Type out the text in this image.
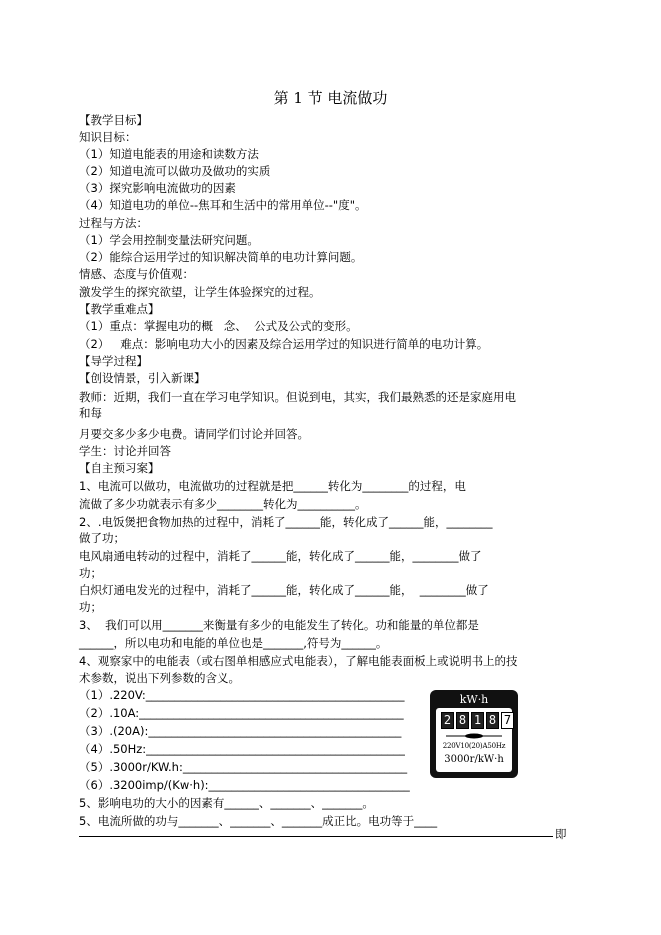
第 1 节 电流做功
【教学目标】
知识目标：
（1）知道电能表的用途和读数方法
（2）知道电流可以做功及做功的实质
（3）探究影响电流做功的因素
（4）知道电功的单位--焦耳和生活中的常用单位--"度"。
过程与方法：
（1）学会用控制变量法研究问题。
（2）能综合运用学过的知识解决简单的电功计算问题。
情感、态度与价值观：
激发学生的探究欲望，让学生体验探究的过程。
【教学重难点】
（1）重点：掌握电功的概   念、  公式及公式的变形。
（2）   难点：影响电功大小的因素及综合运用学过的知识进行简单的电功计算。
【导学过程】
【创设情景，引入新课】
教师：近期，我们一直在学习电学知识。但说到电，其实，我们最熟悉的还是家庭用电
和每
月要交多少多少电费。请同学们讨论并回答。
学生：讨论并回答
【自主预习案】
1、电流可以做功，电流做功的过程就是把______转化为________的过程，电
流做了多少功就表示有多少________转化为__________。
2、.电饭煲把食物加热的过程中，消耗了______能，转化成了______能，________
做了功；
电风扇通电转动的过程中，消耗了______能，转化成了______能，________做了
功；
白炽灯通电发光的过程中，消耗了______能，转化成了______能，  ________做了
功；
3、  我们可以用_______来衡量有多少的电能发生了转化。功和能量的单位都是
______，所以电功和电能的单位也是_______,符号为______。
4、观察家中的电能表（或右图单相感应式电能表），了解电能表面板上或说明书上的技
术参数，说出下列参数的含义。
（1）.220V:_____________________________________________
（2）.10A:______________________________________________
（3）.(20A):____________________________________________
（4）.50Hz:_____________________________________________
（5）.3000r/KW.h:_______________________________________
（6）.3200imp/(Kw·h):___________________________________
5、影响电功的大小的因素有______、_______、_______。
5、电流所做的功与_______、_______、_______成正比。电功等于____
即
kW·h
2 8 1 8 7
220V10(20)A50Hz
3000r/kW·h
